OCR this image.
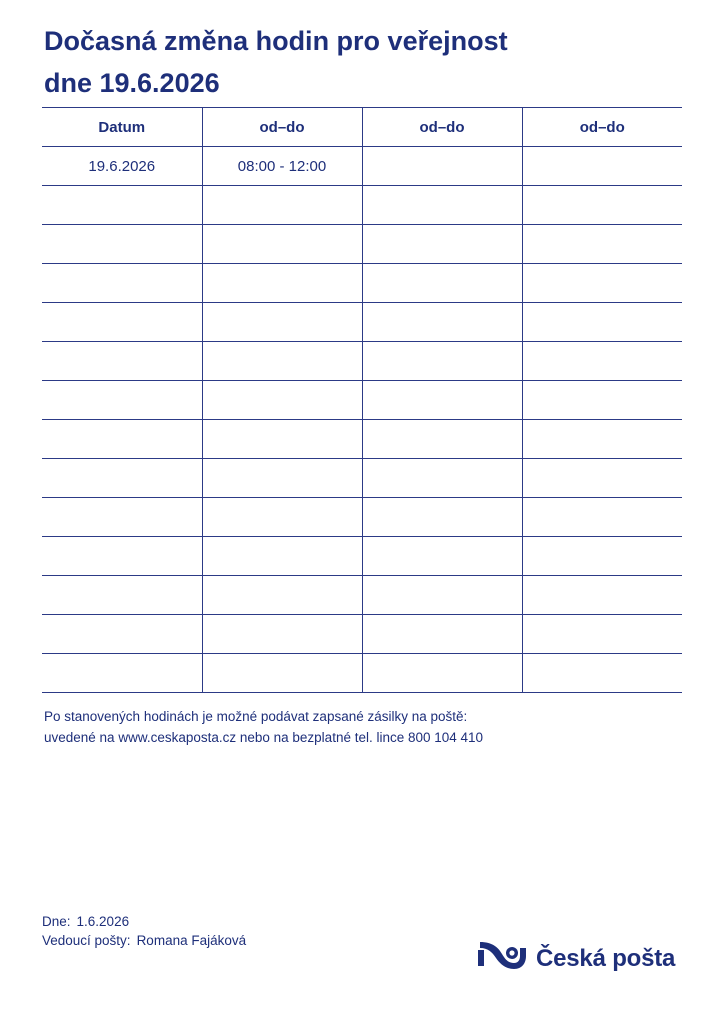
Dočasná změna hodin pro veřejnost
dne 19.6.2026
Datum	od–do	od–do	od–do
19.6.2026	08:00 - 12:00		

Po stanovených hodinách je možné podávat zapsané zásilky na poště:
uvedené na www.ceskaposta.cz nebo na bezplatné tel. lince 800 104 410
Dne: 1.6.2026
Vedoucí pošty: Romana Fajáková
Česká pošta
